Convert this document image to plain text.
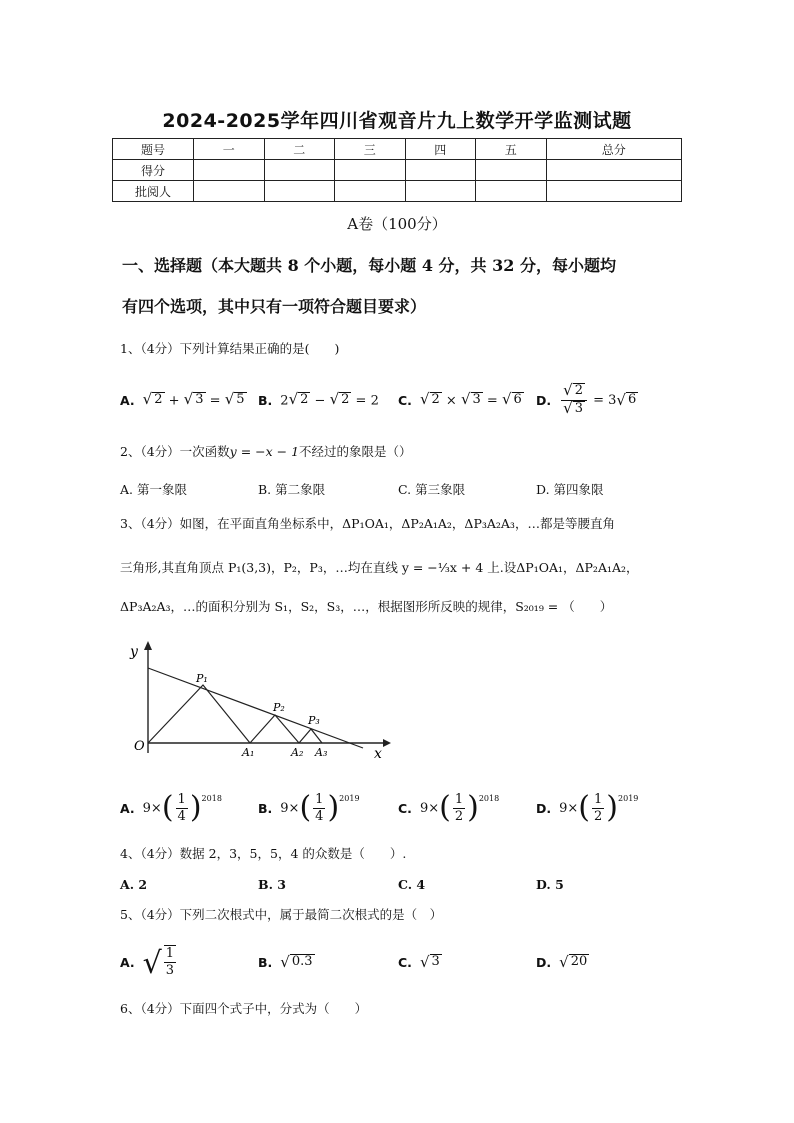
2024-2025学年四川省观音片九上数学开学监测试题
题号	一	二	三	四	五	总分
得分						
批阅人						
A卷（100分）
一、选择题（本大题共 8 个小题，每小题 4 分，共 32 分，每小题均
有四个选项，其中只有一项符合题目要求）
1、（4分）下列计算结果正确的是(　　)
A. √ 2 + √ 3 = √ 5 B. 2 √ 2 − √ 2 = 2 C. √ 2 × √ 3 = √ 6 D. $\frac{√ 2}{√ 3} = 3$ √ 6
2、（4分）一次函数y = −x − 1不经过的象限是（）
A. 第一象限	B. 第二象限	C. 第三象限	D. 第四象限
3、（4分）如图，在平面直角坐标系中，ΔP₁OA₁，ΔP₂A₁A₂，ΔP₃A₂A₃，…都是等腰直角
三角形,其直角顶点 P₁(3,3)，P₂，P₃，…均在直线 y = −⅓x + 4 上.设ΔP₁OA₁，ΔP₂A₁A₂，
ΔP₃A₂A₃，…的面积分别为 S₁，S₂，S₃，…，根据图形所反映的规律，S₂₀₁₉ = （　　）
y
x
O
P₁
P₂
P₃
A₁	A₂ A₃
A. 9× ( $\frac{1}{4}$ ) 2018
B. 9× ( $\frac{1}{4}$ ) 2019
C. 9× ( $\frac{1}{2}$ ) 2018
D. 9× ( $\frac{1}{2}$ ) 2019
4、（4分）数据 2，3，5，5，4 的众数是（　　）.
A. 2	B. 3	C. 4	D. 5
5、（4分）下列二次根式中，属于最简二次根式的是（　）
A. √ $\frac{1}{3}$	B. √ 0.3	C. √ 3	D. √ 20
6、（4分）下面四个式子中，分式为（　　）
